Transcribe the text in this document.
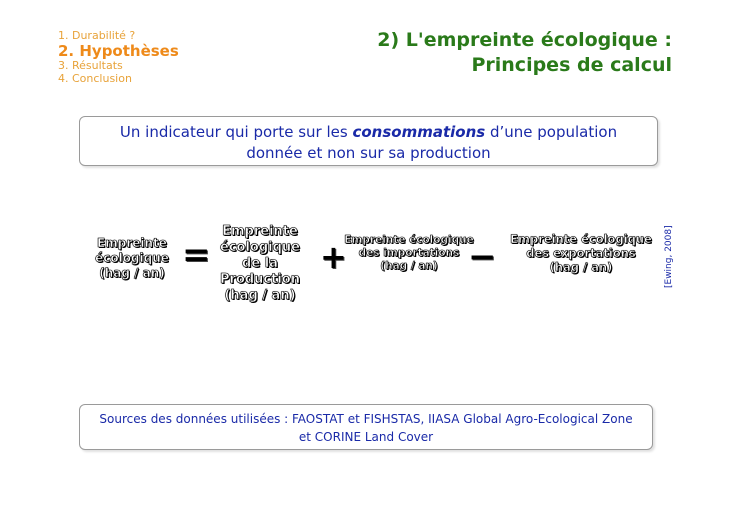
1. Durabilité ?
2. Hypothèses
3. Résultats
4. Conclusion
2) L'empreinte écologique :
Principes de calcul
Un indicateur qui porte sur les consommations d’une population
donnée et non sur sa production
Empreinte
écologique
(hag / an) =
Empreinte
écologique
de la
Production
(hag / an)
+
Empreinte écologique
des importations
(hag / an) −	Empreinte écologique
des exportations
(hag / an)	[Ewing, 2008]
Sources des données utilisées : FAOSTAT et FISHSTAS, IIASA Global Agro-Ecological Zone
et CORINE Land Cover
